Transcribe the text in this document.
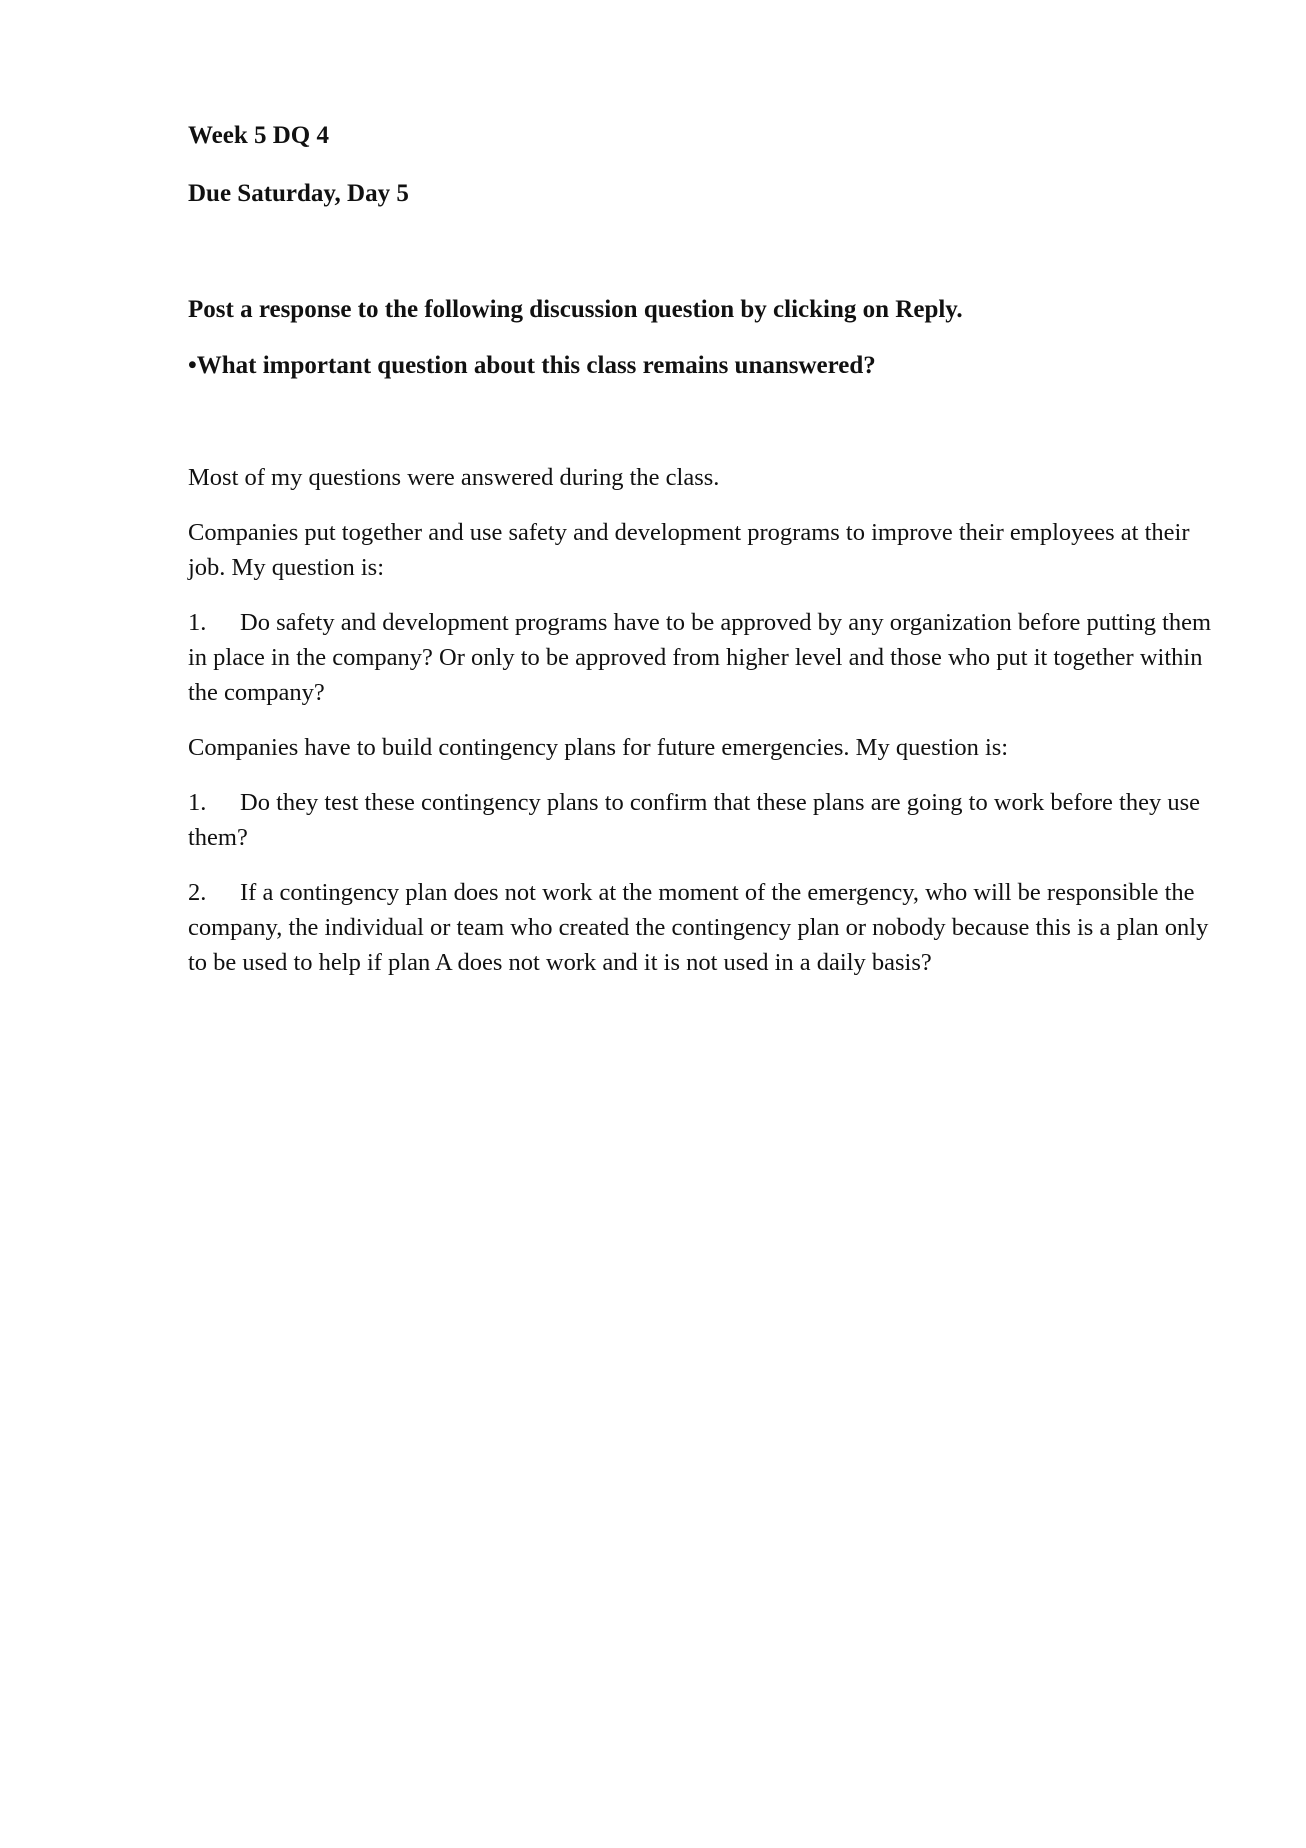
Week 5 DQ 4

Due Saturday, Day 5

Post a response to the following discussion question by clicking on Reply.

•What important question about this class remains unanswered?

Most of my questions were answered during the class.

Companies put together and use safety and development programs to improve their employees at their job. My question is:

1. Do safety and development programs have to be approved by any organization before putting them in place in the company? Or only to be approved from higher level and those who put it together within the company?

Companies have to build contingency plans for future emergencies. My question is:

1. Do they test these contingency plans to confirm that these plans are going to work before they use them?

2. If a contingency plan does not work at the moment of the emergency, who will be responsible the company, the individual or team who created the contingency plan or nobody because this is a plan only to be used to help if plan A does not work and it is not used in a daily basis?
